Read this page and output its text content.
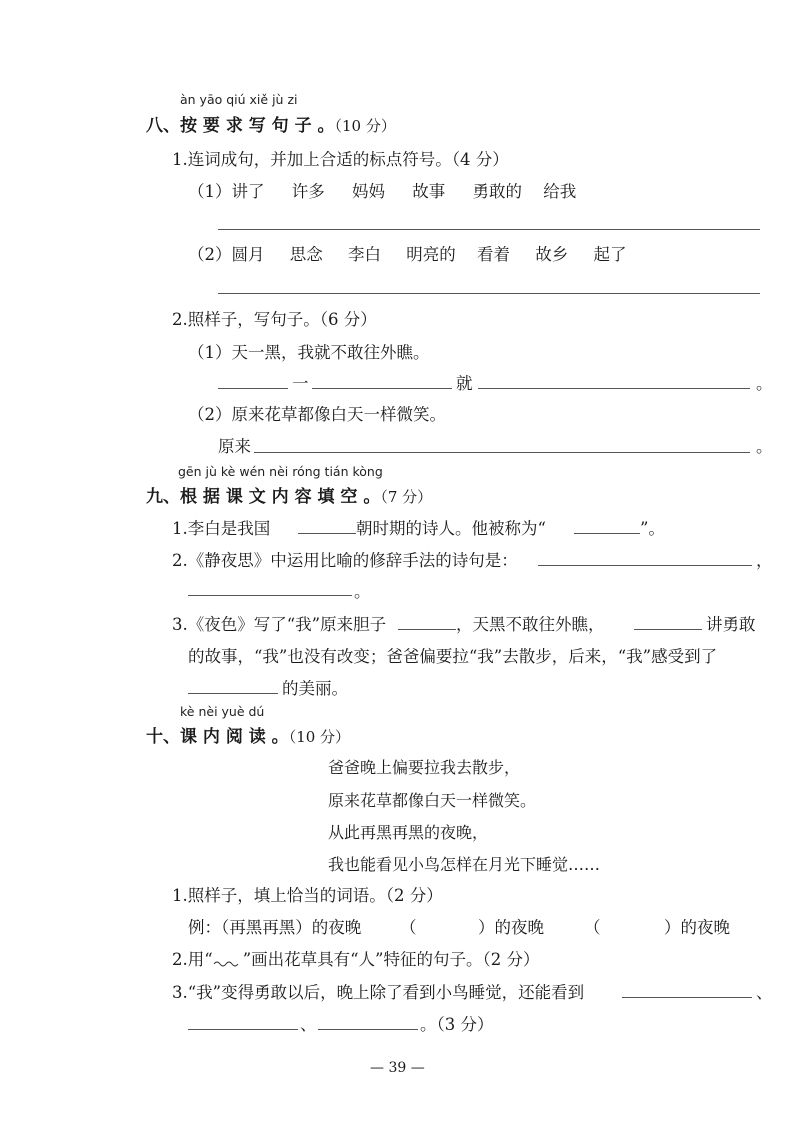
àn yāo qiú xiě jù zi
八、按 要 求 写 句 子 。（10 分）
1.连词成句，并加上合适的标点符号。（4 分）
（1）讲了 许多 妈妈 故事 勇敢的 给我
（2）圆月 思念 李白 明亮的 看着 故乡 起了
2.照样子，写句子。（6 分）
（1）天一黑，我就不敢往外瞧。
一	就	。
（2）原来花草都像白天一样微笑。
原来	。
gēn jù kè wén nèi róng tián kòng
九、根 据 课 文 内 容 填 空 。（7 分）
1.李白是我国	朝时期的诗人。他被称为“	”。
2.《静夜思》中运用比喻的修辞手法的诗句是：	，
。
3.《夜色》写了“我”原来胆子	，天黑不敢往外瞧，	讲勇敢
的故事，“我”也没有改变；爸爸偏要拉“我”去散步，后来，“我”感受到了
的美丽。
kè nèi yuè dú
十、课 内 阅 读 。（10 分）
爸爸晚上偏要拉我去散步，
原来花草都像白天一样微笑。
从此再黑再黑的夜晚，
我也能看见小鸟怎样在月光下睡觉……
1.照样子，填上恰当的词语。（2 分）
例：（再黑再黑）的夜晚 （	）的夜晚 （	）的夜晚
2.用“ ”画出花草具有“人”特征的句子。（2 分）
3.“我”变得勇敢以后，晚上除了看到小鸟睡觉，还能看到	、
、	。（3 分）
— 39 —
